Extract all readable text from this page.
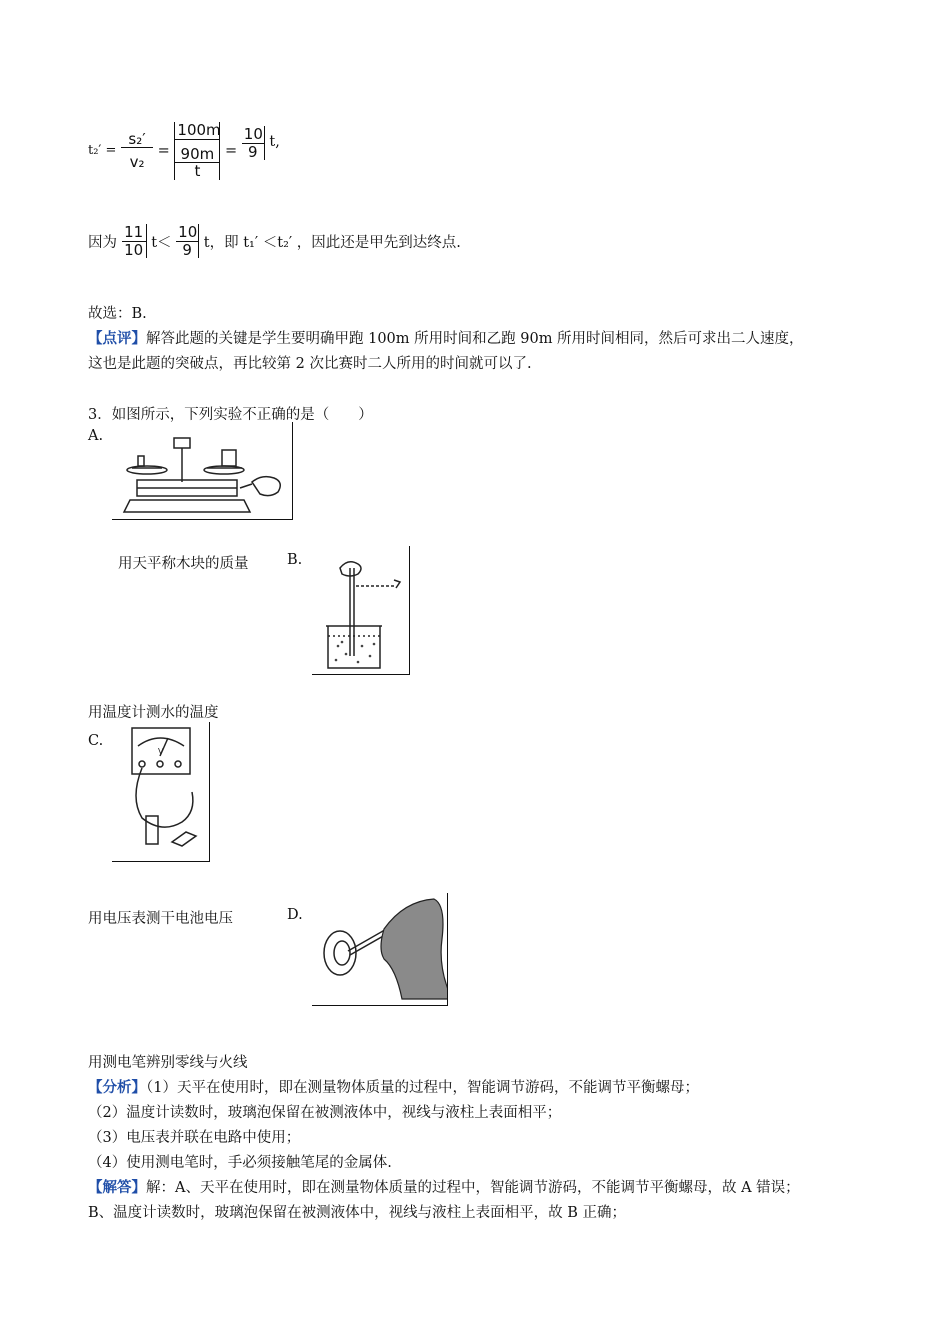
$t_2' = \frac{\text{s₂′}}{\text{v₂}}$ =
100m
90m
t
= $\frac{10}{9} t$,
因为 $\frac{11}{10} t< \frac{10}{9}$ t，即 t₁′ ＜t₂′ ，因此还是甲先到达终点.
故选：B.
【点评】解答此题的关键是学生要明确甲跑 100m 所用时间和乙跑 90m 所用时间相同，然后可求出二人速度，
这也是此题的突破点，再比较第 2 次比赛时二人所用的时间就可以了.
3．如图所示，下列实验不正确的是（　　）
A.
用天平称木块的质量	B.
用温度计测水的温度
C.
V
用电压表测干电池电压	D.
用测电笔辨别零线与火线
【分析】（1）天平在使用时，即在测量物体质量的过程中，智能调节游码，不能调节平衡螺母；
（2）温度计读数时，玻璃泡保留在被测液体中，视线与液柱上表面相平；
（3）电压表并联在电路中使用；
（4）使用测电笔时，手必须接触笔尾的金属体.
【解答】解：A、天平在使用时，即在测量物体质量的过程中，智能调节游码，不能调节平衡螺母，故 A 错误；
B、温度计读数时，玻璃泡保留在被测液体中，视线与液柱上表面相平，故 B 正确；
